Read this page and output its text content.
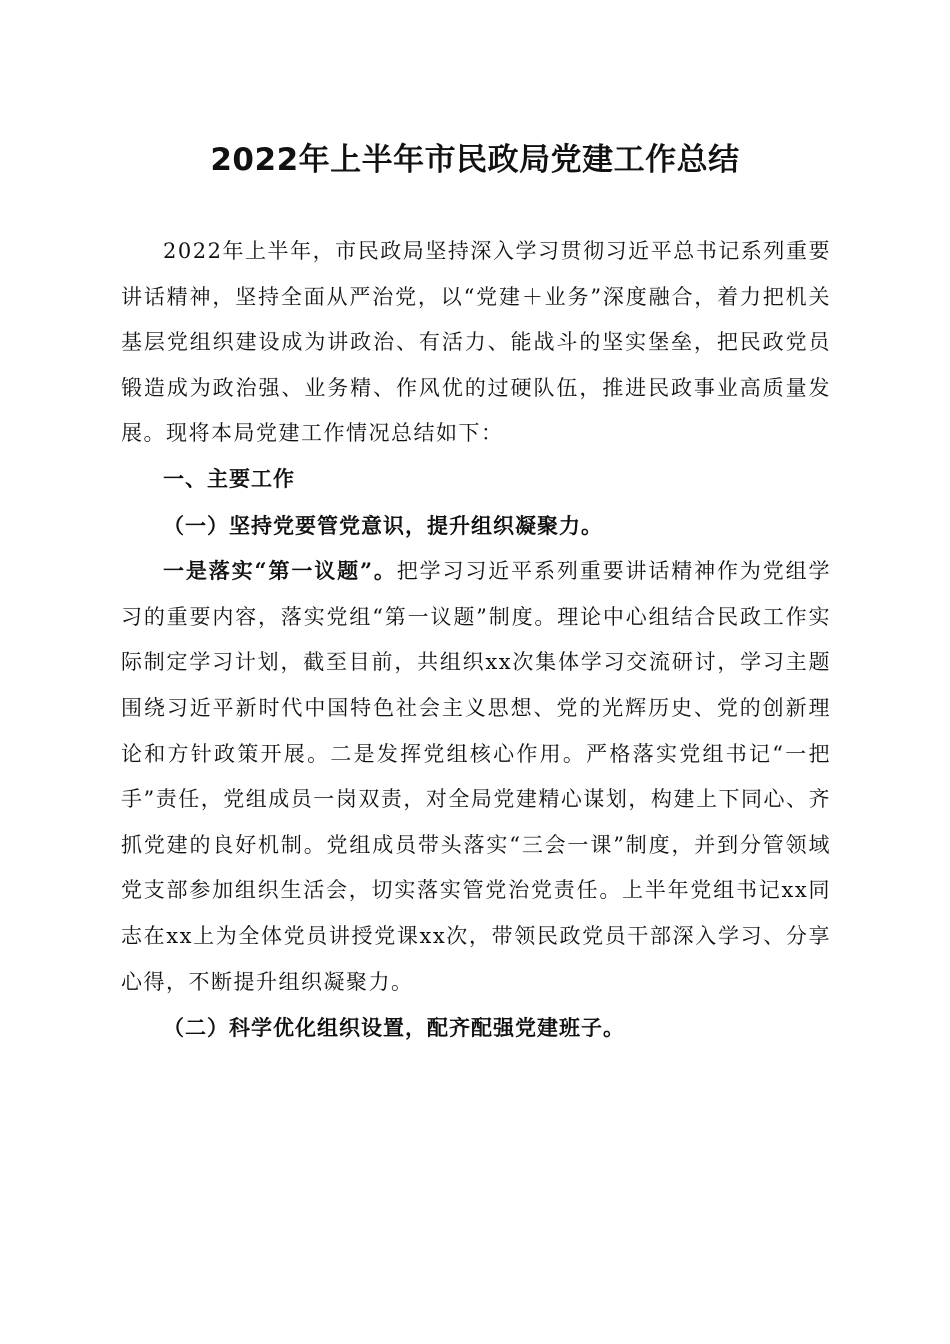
2022年上半年市民政局党建工作总结

2022年上半年，市民政局坚持深入学习贯彻习近平总书记系列重要讲话精神，坚持全面从严治党，以“党建＋业务”深度融合，着力把机关基层党组织建设成为讲政治、有活力、能战斗的坚实堡垒，把民政党员锻造成为政治强、业务精、作风优的过硬队伍，推进民政事业高质量发展。现将本局党建工作情况总结如下：

一、主要工作

（一）坚持党要管党意识，提升组织凝聚力。

一是落实“第一议题”。把学习习近平系列重要讲话精神作为党组学习的重要内容，落实党组“第一议题”制度。理论中心组结合民政工作实际制定学习计划，截至目前，共组织xx次集体学习交流研讨，学习主题围绕习近平新时代中国特色社会主义思想、党的光辉历史、党的创新理论和方针政策开展。二是发挥党组核心作用。严格落实党组书记“一把手”责任，党组成员一岗双责，对全局党建精心谋划，构建上下同心、齐抓党建的良好机制。党组成员带头落实“三会一课”制度，并到分管领域党支部参加组织生活会，切实落实管党治党责任。上半年党组书记xx同志在xx上为全体党员讲授党课xx次，带领民政党员干部深入学习、分享心得，不断提升组织凝聚力。

（二）科学优化组织设置，配齐配强党建班子。
